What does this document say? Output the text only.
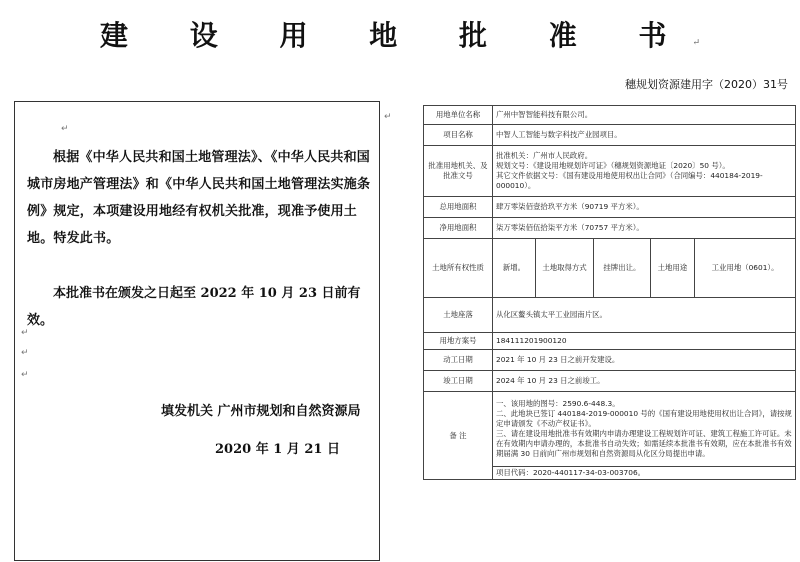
建 设 用 地 批 准 书↵
穗规划资源建用字（2020）31号
↵
根据《中华人民共和国土地管理法》、《中华人民共和国城市房地产管理法》和《中华人民共和国土地管理法实施条例》规定，本项建设用地经有权机关批准，现准予使用土地。特发此书。
本批准书在颁发之日起至 2022 年 10 月 23 日前有效。
↵
↵
↵
填发机关 广州市规划和自然资源局
2020 年 1 月 21 日
↵	用地单位名称	广州中智智能科技有限公司。				
项目名称	中智人工智能与数字科技产业园项目。				
批准用地机关、及批准文号	批准机关：广州市人民政府。
规划文号：《建设用地规划许可证》（穗规划资源地证〔2020〕50 号）。
其它文件依据文号：《国有建设用地使用权出让合同》（合同编号：440184-2019-000010）。				

总用地面积	肆万零柒佰壹拾玖平方米（90719 平方米）。				
净用地面积	柒万零柒佰伍拾柒平方米（70757 平方米）。				
土地所有权性质	新增。	土地取得方式	挂牌出让。	土地用途	工业用地（0601）。
土地座落	从化区鳌头镇太平工业园南片区。				
用地方案号	184111201900120				
动工日期	2021 年 10 月 23 日之前开发建设。				
竣工日期	2024 年 10 月 23 日之前竣工。				
备 注	一、该用地的图号：2590.6-448.3。
二、此地块已签订 440184-2019-000010 号的《国有建设用地使用权出让合同》，请按规定申请颁发《不动产权证书》。
三、请在建设用地批准书有效期内申请办理建设工程规划许可证、建筑工程施工许可证。未在有效期内申请办理的，本批准书自动失效；如需延续本批准书有效期，应在本批准书有效期届满 30 日前向广州市规划和自然资源局从化区分局提出申请。				

	项目代码：2020-440117-34-03-003706。				
